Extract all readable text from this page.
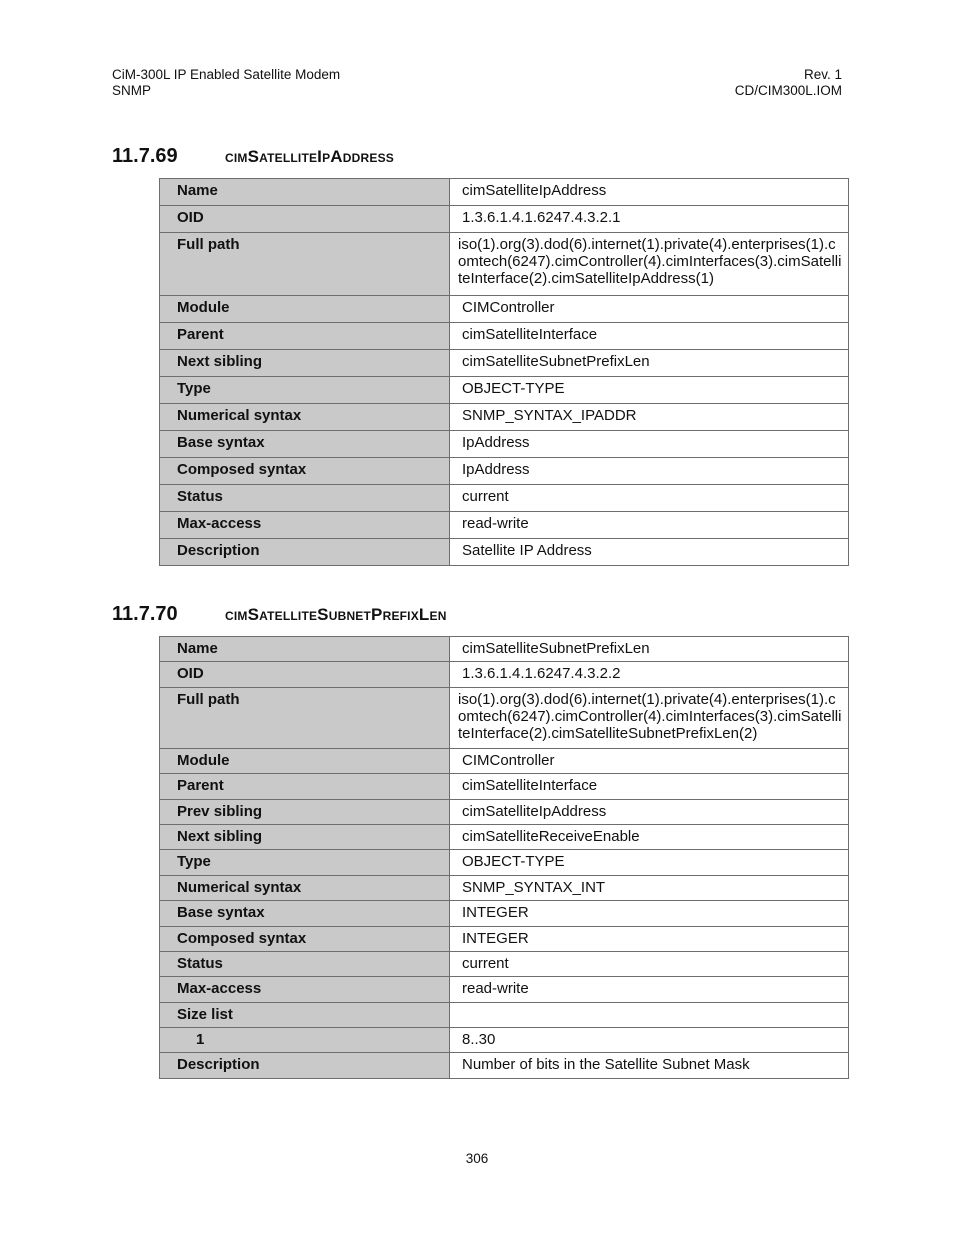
CiM-300L IP Enabled Satellite Modem
SNMP
Rev. 1
CD/CIM300L.IOM
11.7.69	cimSatelliteIpAddress
Name	cimSatelliteIpAddress
OID	1.3.6.1.4.1.6247.4.3.2.1
Full path	iso(1).org(3).dod(6).internet(1).private(4).enterprises(1).comtech(6247).cimController(4).cimInterfaces(3).cimSatelliteInterface(2).cimSatelliteIpAddress(1)
Module	CIMController
Parent	cimSatelliteInterface
Next sibling	cimSatelliteSubnetPrefixLen
Type	OBJECT-TYPE
Numerical syntax	SNMP_SYNTAX_IPADDR
Base syntax	IpAddress
Composed syntax	IpAddress
Status	current
Max-access	read-write
Description	Satellite IP Address
11.7.70	cimSatelliteSubnetPrefixLen
Name	cimSatelliteSubnetPrefixLen
OID	1.3.6.1.4.1.6247.4.3.2.2
Full path	iso(1).org(3).dod(6).internet(1).private(4).enterprises(1).comtech(6247).cimController(4).cimInterfaces(3).cimSatelliteInterface(2).cimSatelliteSubnetPrefixLen(2)
Module	CIMController
Parent	cimSatelliteInterface
Prev sibling	cimSatelliteIpAddress
Next sibling	cimSatelliteReceiveEnable
Type	OBJECT-TYPE
Numerical syntax	SNMP_SYNTAX_INT
Base syntax	INTEGER
Composed syntax	INTEGER
Status	current
Max-access	read-write
Size list	
1	8..30
Description	Number of bits in the Satellite Subnet Mask
306
